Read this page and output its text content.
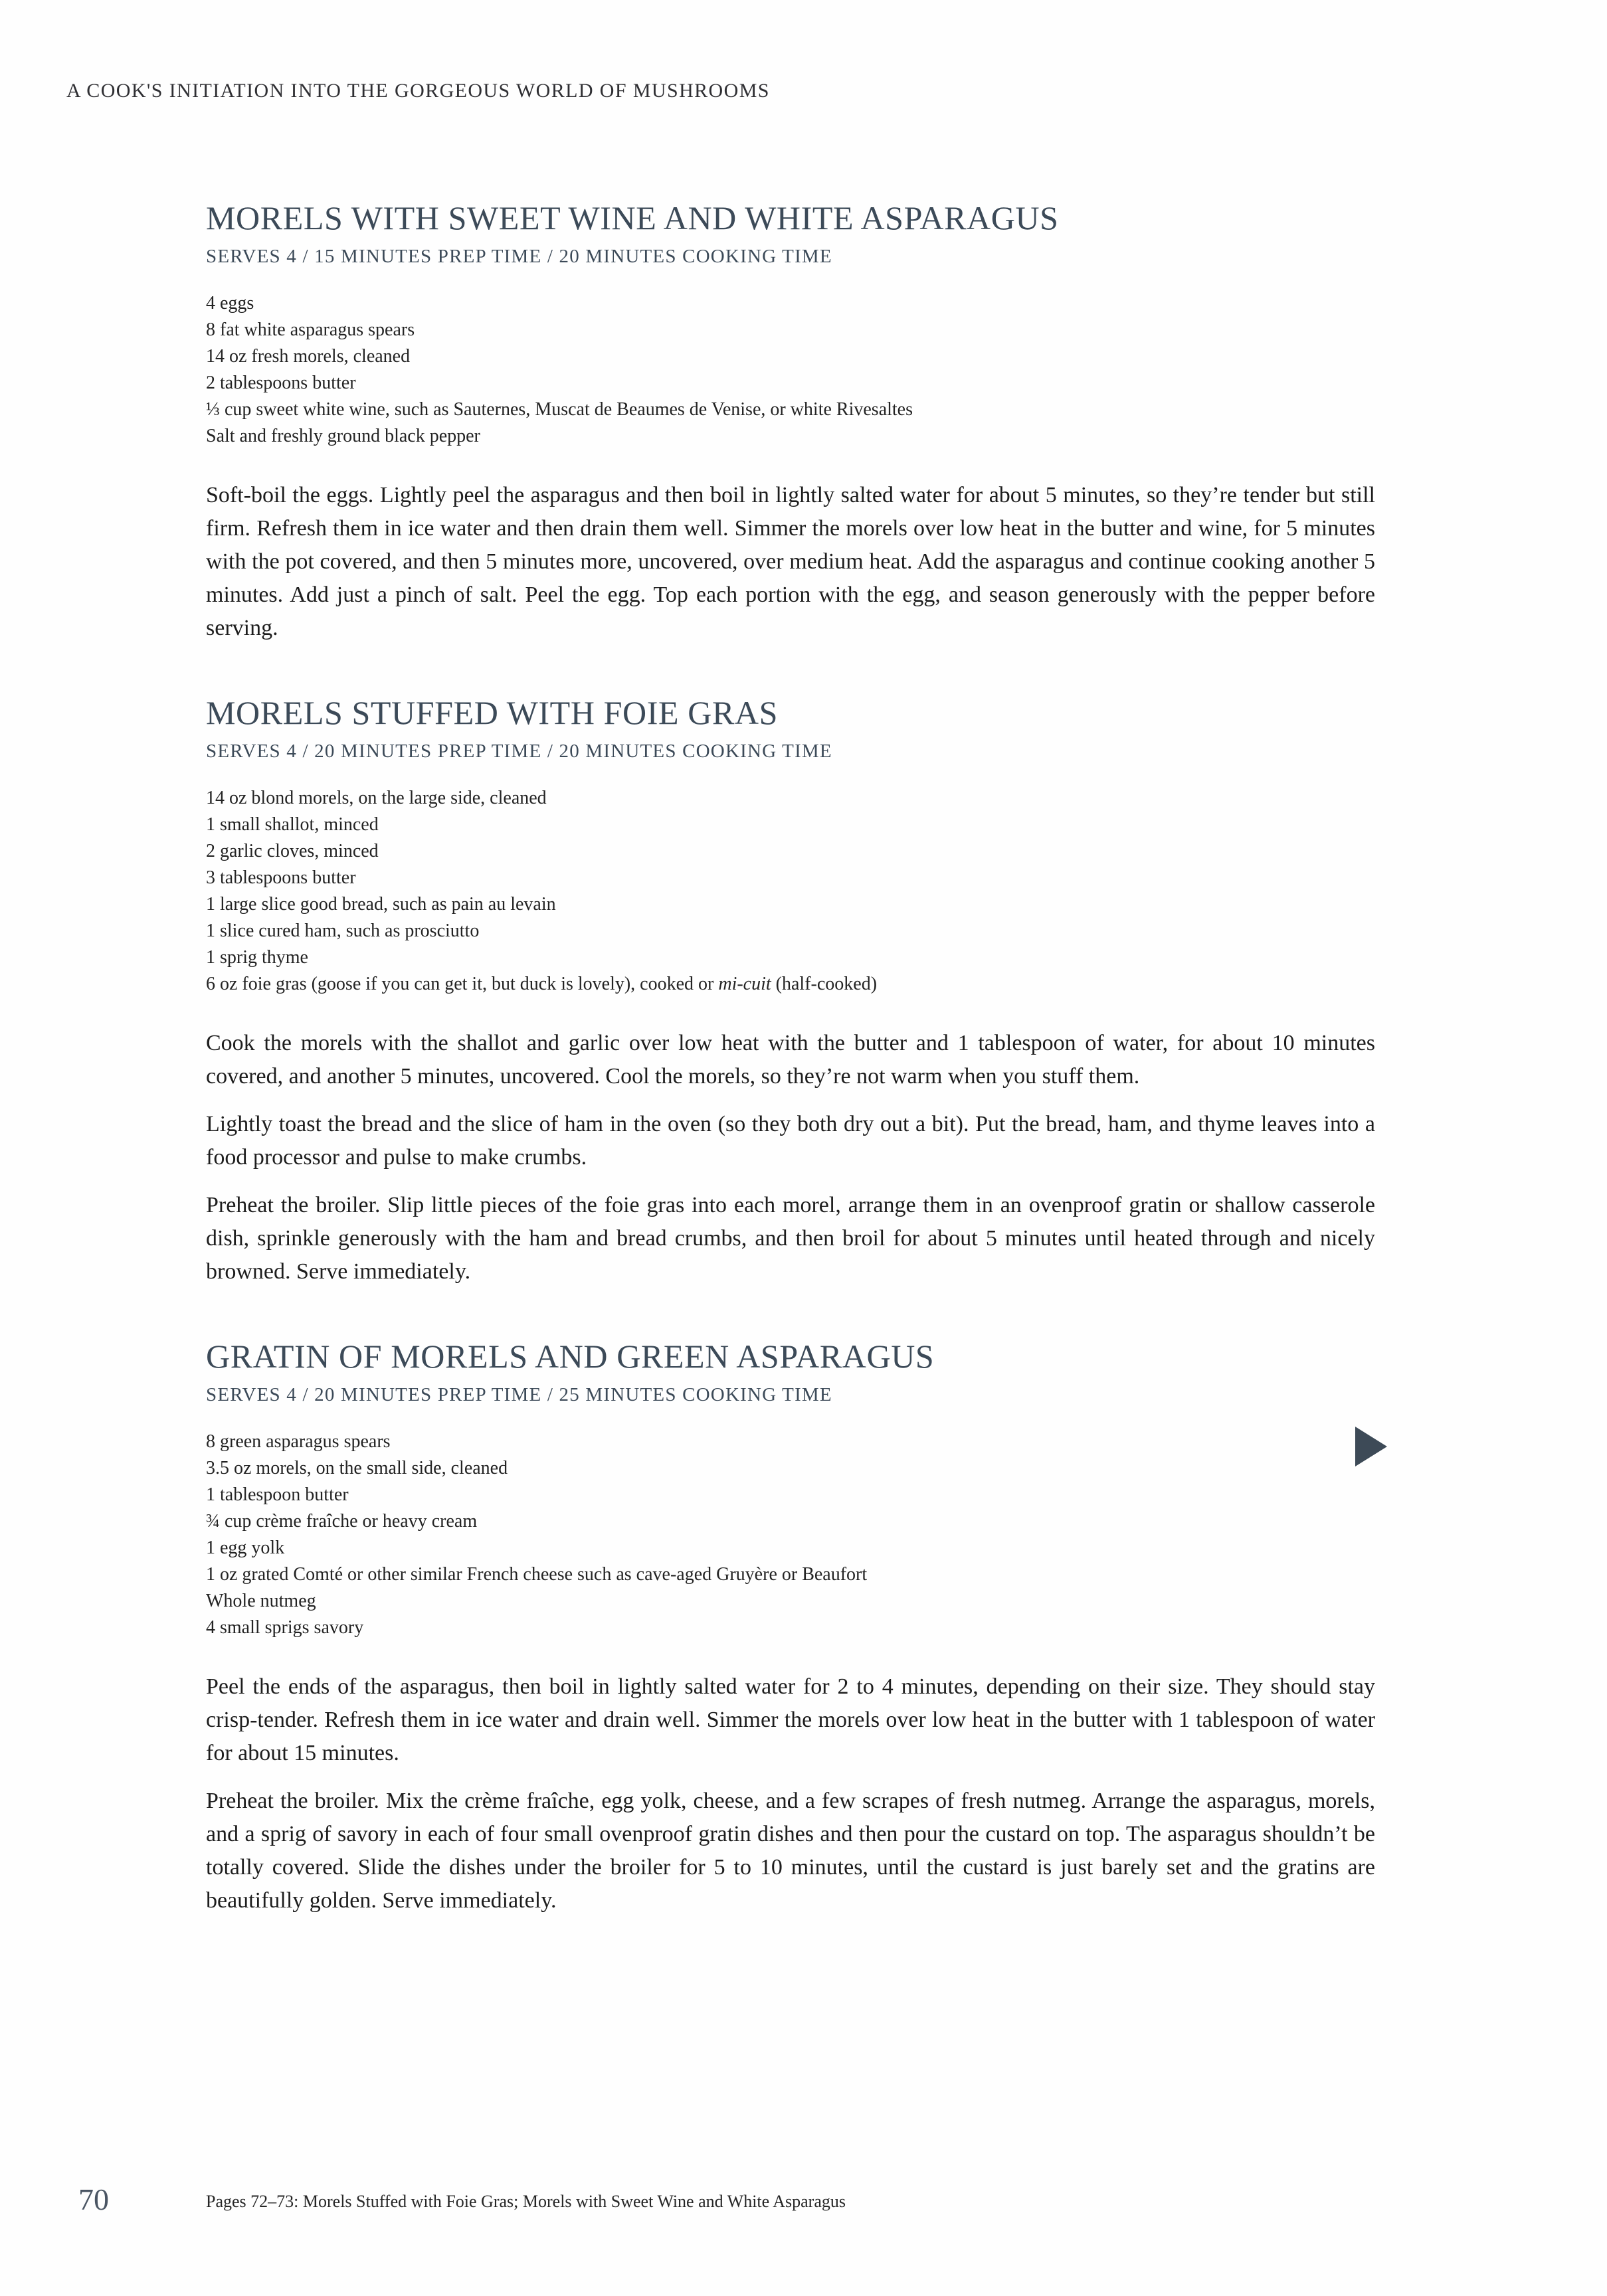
A COOK'S INITIATION INTO THE GORGEOUS WORLD OF MUSHROOMS
MORELS WITH SWEET WINE AND WHITE ASPARAGUS
SERVES 4 / 15 MINUTES PREP TIME / 20 MINUTES COOKING TIME
4 eggs
8 fat white asparagus spears
14 oz fresh morels, cleaned
2 tablespoons butter
⅓ cup sweet white wine, such as Sauternes, Muscat de Beaumes de Venise, or white Rivesaltes
Salt and freshly ground black pepper

Soft-boil the eggs. Lightly peel the asparagus and then boil in lightly salted water for about 5 minutes, so they’re tender but still firm. Refresh them in ice water and then drain them well. Simmer the morels over low heat in the butter and wine, for 5 minutes with the pot covered, and then 5 minutes more, uncovered, over medium heat. Add the asparagus and continue cooking another 5 minutes. Add just a pinch of salt. Peel the egg. Top each portion with the egg, and season generously with the pepper before serving.

MORELS STUFFED WITH FOIE GRAS
SERVES 4 / 20 MINUTES PREP TIME / 20 MINUTES COOKING TIME
14 oz blond morels, on the large side, cleaned
1 small shallot, minced
2 garlic cloves, minced
3 tablespoons butter
1 large slice good bread, such as pain au levain
1 slice cured ham, such as prosciutto
1 sprig thyme
6 oz foie gras (goose if you can get it, but duck is lovely), cooked or mi-cuit (half-cooked)

Cook the morels with the shallot and garlic over low heat with the butter and 1 tablespoon of water, for about 10 minutes covered, and another 5 minutes, uncovered. Cool the morels, so they’re not warm when you stuff them.

Lightly toast the bread and the slice of ham in the oven (so they both dry out a bit). Put the bread, ham, and thyme leaves into a food processor and pulse to make crumbs.

Preheat the broiler. Slip little pieces of the foie gras into each morel, arrange them in an ovenproof gratin or shallow casserole dish, sprinkle generously with the ham and bread crumbs, and then broil for about 5 minutes until heated through and nicely browned. Serve immediately.

GRATIN OF MORELS AND GREEN ASPARAGUS
SERVES 4 / 20 MINUTES PREP TIME / 25 MINUTES COOKING TIME
8 green asparagus spears
3.5 oz morels, on the small side, cleaned
1 tablespoon butter
¾ cup crème fraîche or heavy cream
1 egg yolk
1 oz grated Comté or other similar French cheese such as cave-aged Gruyère or Beaufort
Whole nutmeg
4 small sprigs savory

Peel the ends of the asparagus, then boil in lightly salted water for 2 to 4 minutes, depending on their size. They should stay crisp-tender. Refresh them in ice water and drain well. Simmer the morels over low heat in the butter with 1 tablespoon of water for about 15 minutes.

Preheat the broiler. Mix the crème fraîche, egg yolk, cheese, and a few scrapes of fresh nutmeg. Arrange the asparagus, morels, and a sprig of savory in each of four small ovenproof gratin dishes and then pour the custard on top. The asparagus shouldn’t be totally covered. Slide the dishes under the broiler for 5 to 10 minutes, until the custard is just barely set and the gratins are beautifully golden. Serve immediately.

70	Pages 72–73: Morels Stuffed with Foie Gras; Morels with Sweet Wine and White Asparagus
